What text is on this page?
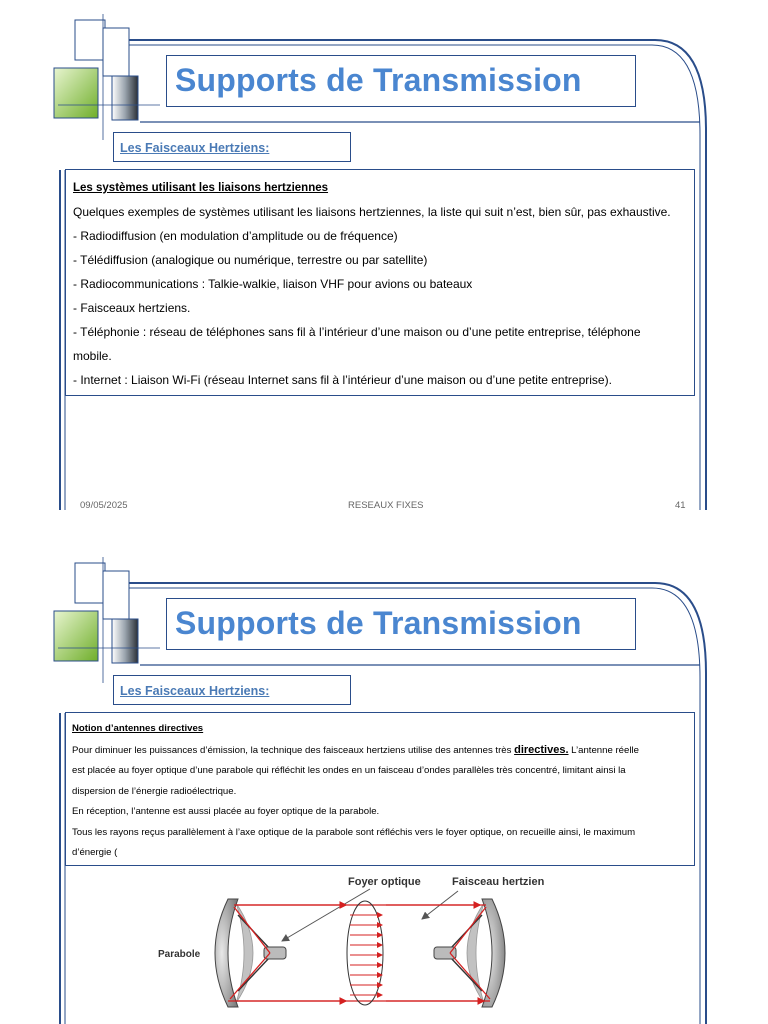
Supports de Transmission
Les Faisceaux Hertziens:
Les systèmes utilisant les liaisons hertziennes
Quelques exemples de systèmes utilisant les liaisons hertziennes, la liste qui suit n’est, bien sûr, pas exhaustive.
- Radiodiffusion (en modulation d’amplitude ou de fréquence)
- Télédiffusion (analogique ou numérique, terrestre ou par satellite)
- Radiocommunications : Talkie-walkie, liaison VHF pour avions ou bateaux
- Faisceaux hertziens.
- Téléphonie : réseau de téléphones sans fil à l’intérieur d’une maison ou d’une petite entreprise, téléphone
mobile.
- Internet : Liaison Wi-Fi (réseau Internet sans fil à l’intérieur d’une maison ou d’une petite entreprise).
09/05/2025	RESEAUX FIXES	41
Supports de Transmission
Les Faisceaux Hertziens:
Notion d’antennes directives
Pour diminuer les puissances d’émission, la technique des faisceaux hertziens utilise des antennes très directives. L’antenne réelle
est placée au foyer optique d’une parabole qui réfléchit les ondes en un faisceau d’ondes parallèles très concentré, limitant ainsi la
dispersion de l’énergie radioélectrique.
En réception, l’antenne est aussi placée au foyer optique de la parabole.
Tous les rayons reçus parallèlement à l’axe optique de la parabole sont réfléchis vers le foyer optique, on recueille ainsi, le maximum
d’énergie (
Foyer optique	Faisceau hertzien
Parabole
